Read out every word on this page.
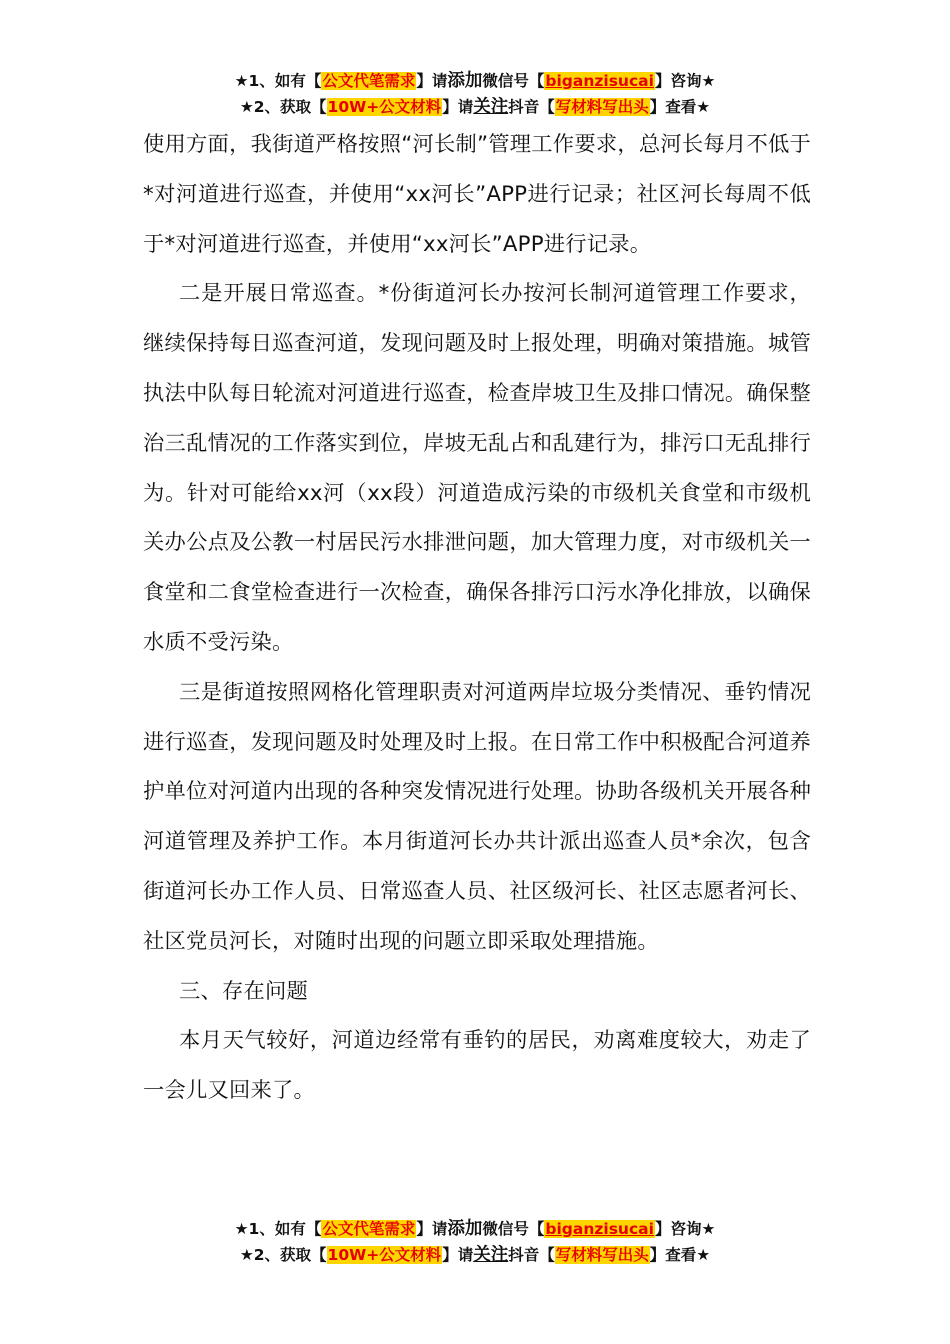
★1、如有【公文代笔需求】请添加微信号【biganzisucai】咨询★
★2、获取【10W+公文材料】请关注抖音【写材料写出头】查看★

使用方面，我街道严格按照“河长制”管理工作要求，总河长每月不低于*对河道进行巡查，并使用“xx河长”APP进行记录；社区河长每周不低于*对河道进行巡查，并使用“xx河长”APP进行记录。

二是开展日常巡查。*份街道河长办按河长制河道管理工作要求，继续保持每日巡查河道，发现问题及时上报处理，明确对策措施。城管执法中队每日轮流对河道进行巡查，检查岸坡卫生及排口情况。确保整治三乱情况的工作落实到位，岸坡无乱占和乱建行为，排污口无乱排行为。针对可能给xx河（xx段）河道造成污染的市级机关食堂和市级机关办公点及公教一村居民污水排泄问题，加大管理力度，对市级机关一食堂和二食堂检查进行一次检查，确保各排污口污水净化排放，以确保水质不受污染。

三是街道按照网格化管理职责对河道两岸垃圾分类情况、垂钓情况进行巡查，发现问题及时处理及时上报。在日常工作中积极配合河道养护单位对河道内出现的各种突发情况进行处理。协助各级机关开展各种河道管理及养护工作。本月街道河长办共计派出巡查人员*余次，包含街道河长办工作人员、日常巡查人员、社区级河长、社区志愿者河长、社区党员河长，对随时出现的问题立即采取处理措施。

三、存在问题

本月天气较好，河道边经常有垂钓的居民，劝离难度较大，劝走了一会儿又回来了。

★1、如有【公文代笔需求】请添加微信号【biganzisucai】咨询★
★2、获取【10W+公文材料】请关注抖音【写材料写出头】查看★
